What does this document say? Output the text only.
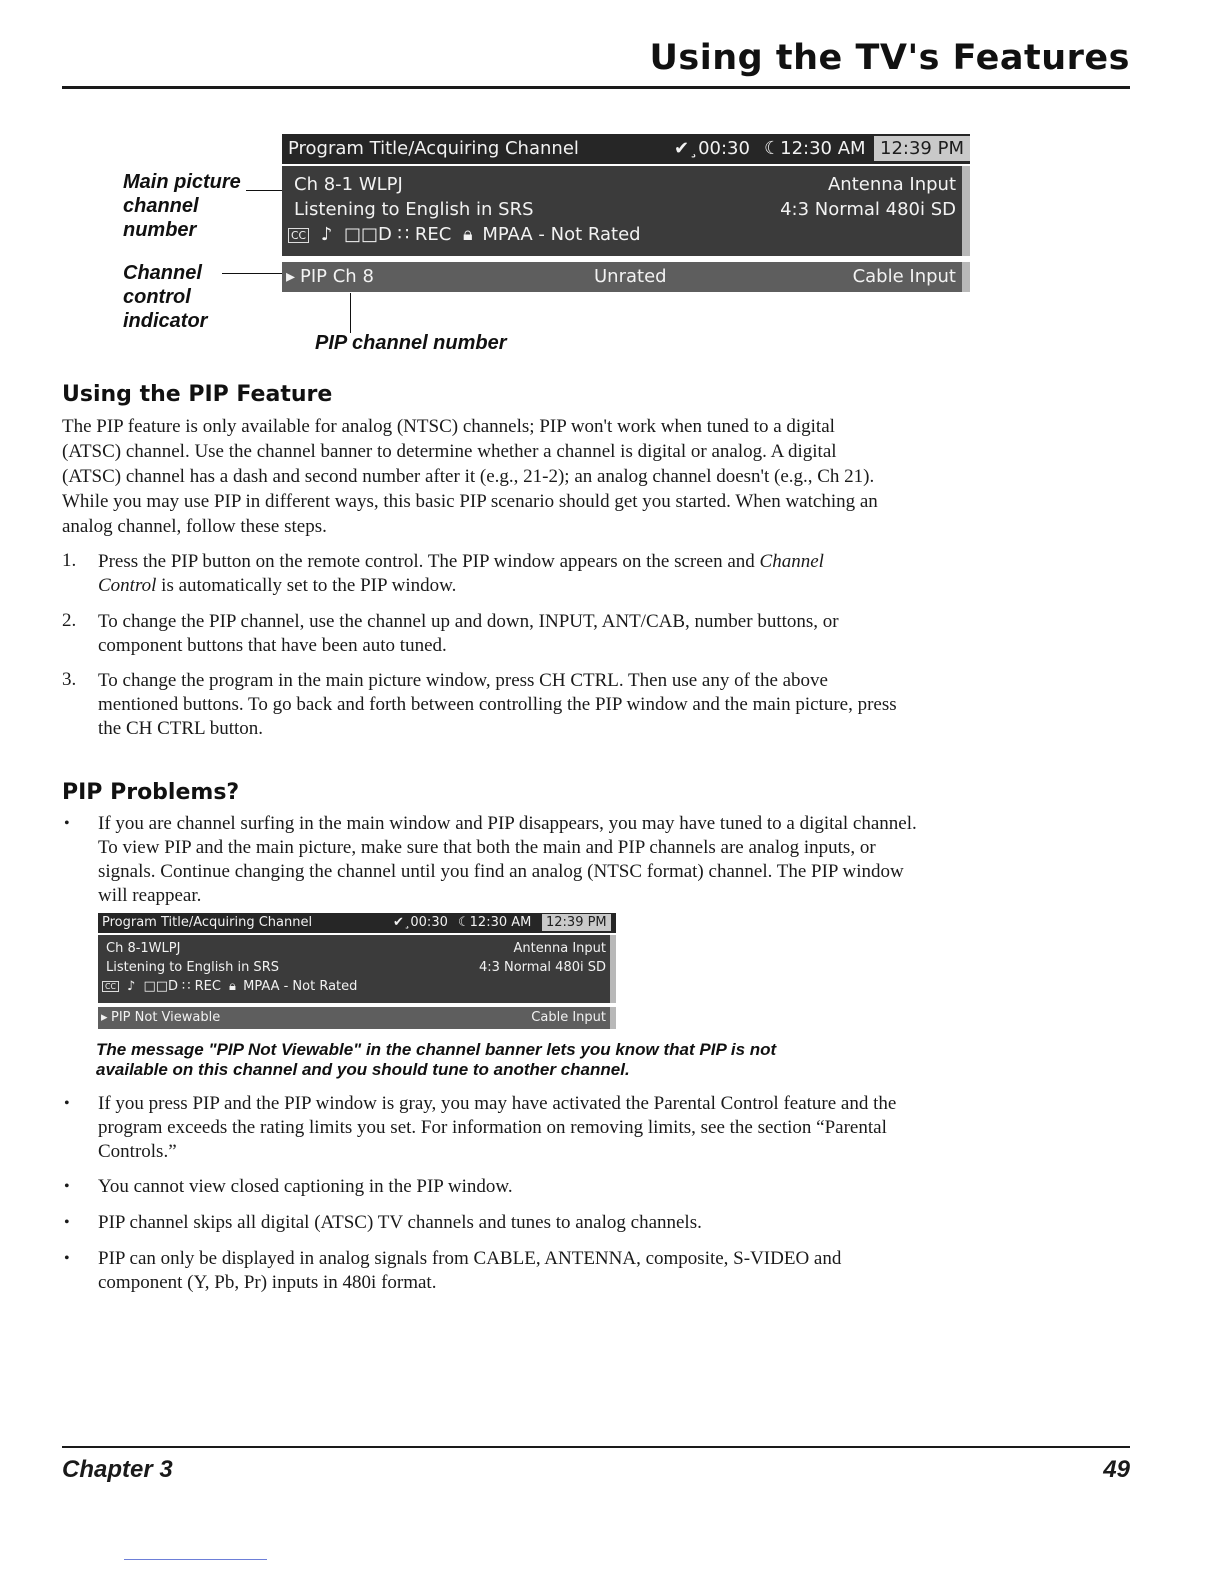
Using the TV's Features
Main picture channel number
Channel control indicator
PIP channel number
Program Title/Acquiring Channel	✔¸00:30 ☾12:30 AM 12:39 PM
Ch 8-1 WLPJ	Antenna Input
Listening to English in SRS	4:3 Normal 480i SD
CC ♪ □□D ∷ REC 🔒︎ MPAA - Not Rated
▸ PIP Ch 8	Unrated	Cable Input
Using the PIP Feature
The PIP feature is only available for analog (NTSC) channels; PIP won't work when tuned to a digital (ATSC) channel. Use the channel banner to determine whether a channel is digital or analog. A digital (ATSC) channel has a dash and second number after it (e.g., 21-2); an analog channel doesn't (e.g., Ch 21). While you may use PIP in different ways, this basic PIP scenario should get you started. When watching an analog channel, follow these steps.
1. Press the PIP button on the remote control. The PIP window appears on the screen and Channel Control is automatically set to the PIP window.
2. To change the PIP channel, use the channel up and down, INPUT, ANT/CAB, number buttons, or component buttons that have been auto tuned.
3. To change the program in the main picture window, press CH CTRL. Then use any of the above mentioned buttons. To go back and forth between controlling the PIP window and the main picture, press the CH CTRL button.
PIP Problems?
• If you are channel surfing in the main window and PIP disappears, you may have tuned to a digital channel. To view PIP and the main picture, make sure that both the main and PIP channels are analog inputs, or signals. Continue changing the channel until you find an analog (NTSC format) channel. The PIP window will reappear.
Program Title/Acquiring Channel	✔¸00:30 ☾12:30 AM	12:39 PM
Ch 8-1WLPJ	Antenna Input
Listening to English in SRS	4:3 Normal 480i SD
CC ♪ □□D ∷ REC 🔒︎ MPAA - Not Rated
▸ PIP Not Viewable	Cable Input
The message "PIP Not Viewable" in the channel banner lets you know that PIP is not available on this channel and you should tune to another channel.
• If you press PIP and the PIP window is gray, you may have activated the Parental Control feature and the program exceeds the rating limits you set. For information on removing limits, see the section “Parental Controls.”
• You cannot view closed captioning in the PIP window.
• PIP channel skips all digital (ATSC) TV channels and tunes to analog channels.
• PIP can only be displayed in analog signals from CABLE, ANTENNA, composite, S-VIDEO and component (Y, Pb, Pr) inputs in 480i format.
Chapter 3	49
